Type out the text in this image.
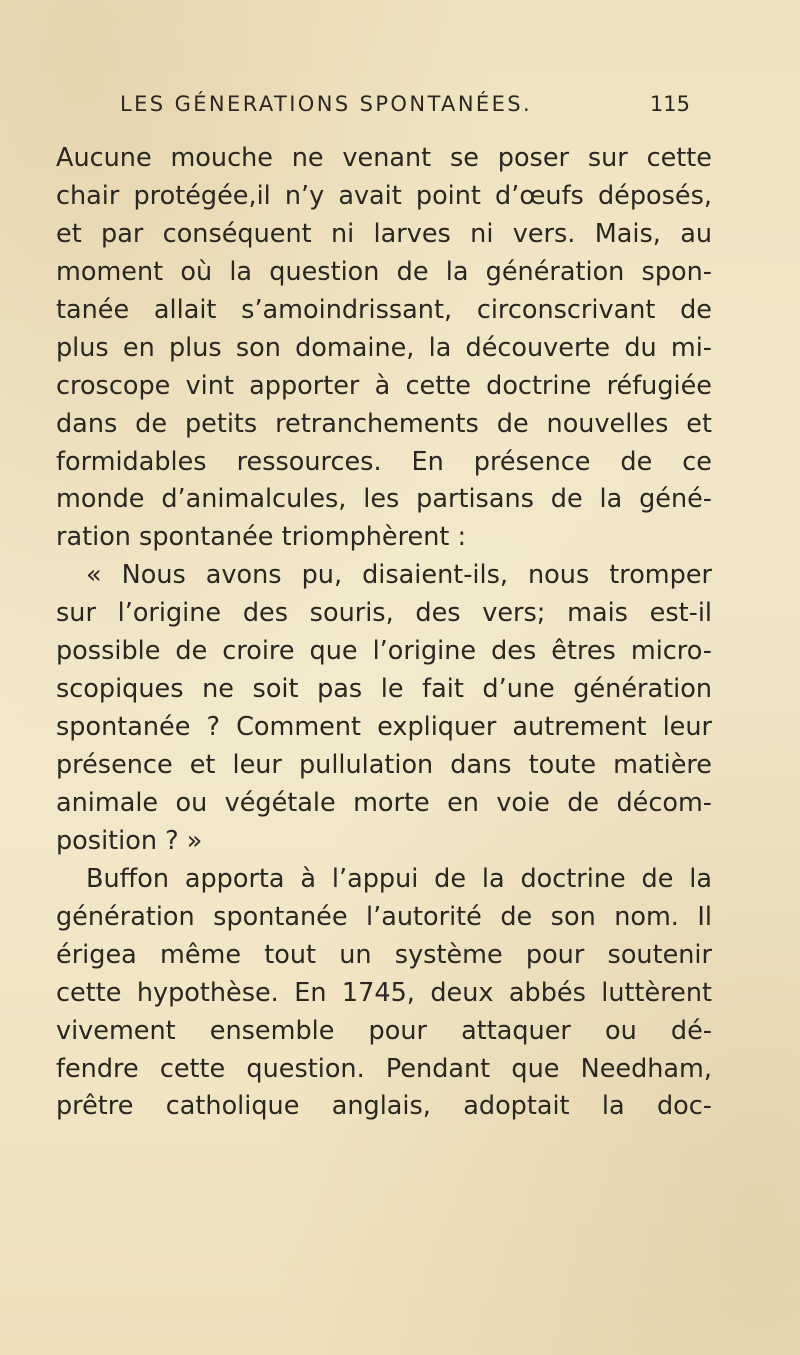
LES GÉNERATIONS SPONTANÉES.	115
Aucune mouche ne venant se poser sur cette
chair protégée,il n’y avait point d’œufs déposés,
et par conséquent ni larves ni vers. Mais, au
moment où la question de la génération spon-
tanée allait s’amoindrissant, circonscrivant de
plus en plus son domaine, la découverte du mi-
croscope vint apporter à cette doctrine réfugiée
dans de petits retranchements de nouvelles et
formidables ressources. En présence de ce
monde d’animalcules, les partisans de la géné-
ration spontanée triomphèrent :
« Nous avons pu, disaient-ils, nous tromper
sur l’origine des souris, des vers; mais est-il
possible de croire que l’origine des êtres micro-
scopiques ne soit pas le fait d’une génération
spontanée ? Comment expliquer autrement leur
présence et leur pullulation dans toute matière
animale ou végétale morte en voie de décom-
position ? »
Buffon apporta à l’appui de la doctrine de la
génération spontanée l’autorité de son nom. Il
érigea même tout un système pour soutenir
cette hypothèse. En 1745, deux abbés luttèrent
vivement ensemble pour attaquer ou dé-
fendre cette question. Pendant que Needham,
prêtre catholique anglais, adoptait la doc-
